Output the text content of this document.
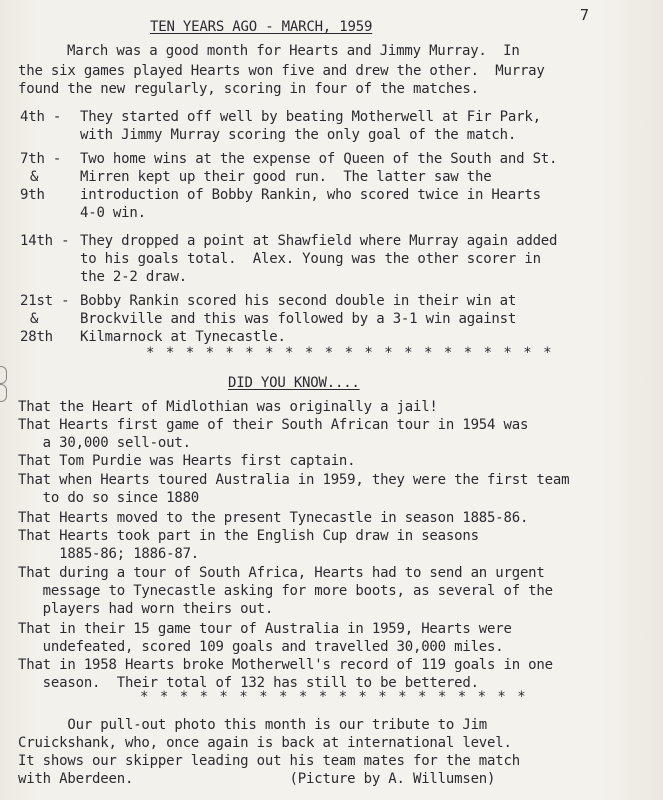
7
TEN YEARS AGO - MARCH, 1959
March was a good month for Hearts and Jimmy Murray.  In
the six games played Hearts won five and drew the other.  Murray
found the new regularly, scoring in four of the matches.
4th - They started off well by beating Motherwell at Fir Park,
with Jimmy Murray scoring the only goal of the match.
7th -
&
9th
Two home wins at the expense of Queen of the South and St.
Mirren kept up their good run.  The latter saw the
introduction of Bobby Rankin, who scored twice in Hearts
4-0 win.
14th - They dropped a point at Shawfield where Murray again added
to his goals total.  Alex. Young was the other scorer in
the 2-2 draw.
21st -
&
28th
Bobby Rankin scored his second double in their win at
Brockville and this was followed by a 3-1 win against
Kilmarnock at Tynecastle.
* * * * * * * * * * * * * * * * * * * * *
DID YOU KNOW....
That the Heart of Midlothian was originally a jail!
That Hearts first game of their South African tour in 1954 was
a 30,000 sell-out.
That Tom Purdie was Hearts first captain.
That when Hearts toured Australia in 1959, they were the first team
to do so since 1880
That Hearts moved to the present Tynecastle in season 1885-86.
That Hearts took part in the English Cup draw in seasons
1885-86; 1886-87.
That during a tour of South Africa, Hearts had to send an urgent
message to Tynecastle asking for more boots, as several of the
players had worn theirs out.
That in their 15 game tour of Australia in 1959, Hearts were
undefeated, scored 109 goals and travelled 30,000 miles.
That in 1958 Hearts broke Motherwell's record of 119 goals in one
season.  Their total of 132 has still to be bettered.
* * * * * * * * * * * * * * * * * * * *
Our pull-out photo this month is our tribute to Jim
Cruickshank, who, once again is back at international level.
It shows our skipper leading out his team mates for the match
with Aberdeen.                   (Picture by A. Willumsen)
